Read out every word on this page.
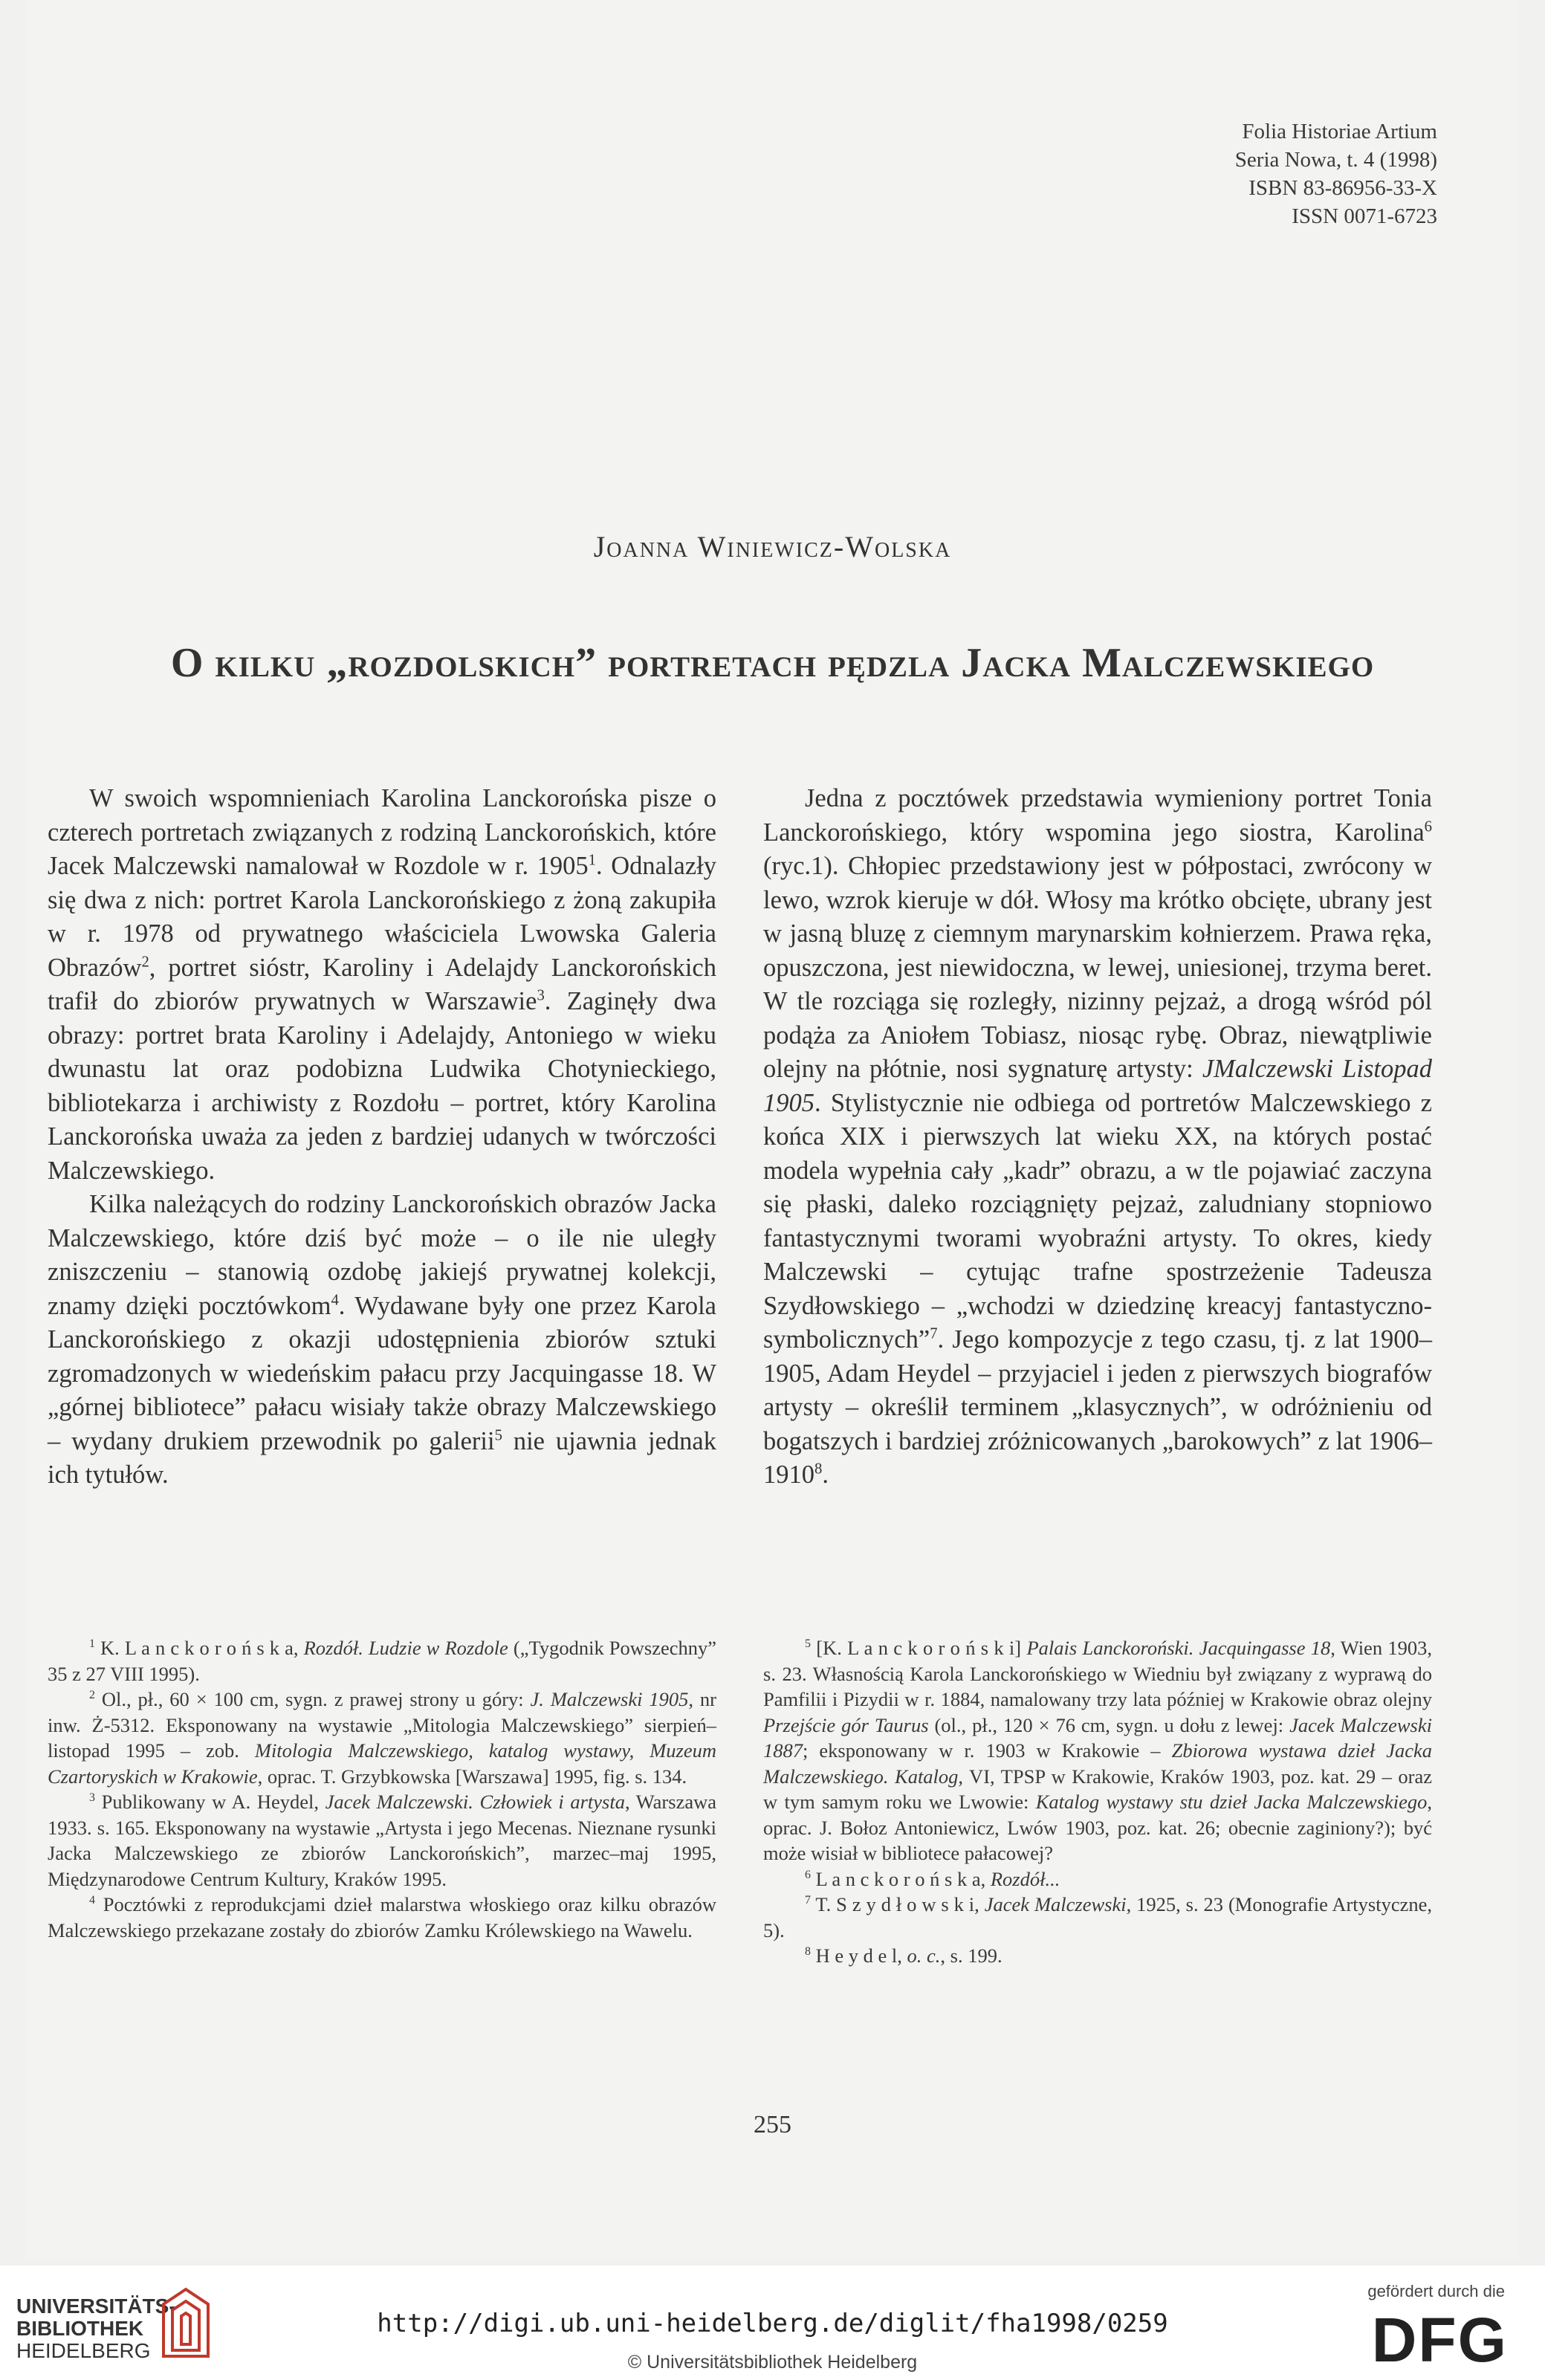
Folia Historiae Artium
Seria Nowa, t. 4 (1998)
ISBN 83-86956-33-X
ISSN 0071-6723
Joanna Winiewicz-Wolska
O kilku „rozdolskich” portretach pędzla Jacka Malczewskiego

W swoich wspomnieniach Karolina Lanckorońska pisze o czterech portretach związanych z rodziną Lanckorońskich, które Jacek Malczewski namalował w Rozdole w r. 1905$^1$. Odnalazły się dwa z nich: portret Karola Lanckorońskiego z żoną zakupiła w r. 1978 od prywatnego właściciela Lwowska Galeria Obrazów$^2$, portret sióstr, Karoliny i Adelajdy Lanckorońskich trafił do zbiorów prywatnych w Warszawie$^3$. Zaginęły dwa obrazy: portret brata Karoliny i Adelajdy, Antoniego w wieku dwunastu lat oraz podobizna Ludwika Chotynieckiego, bibliotekarza i archiwisty z Rozdołu – portret, który Karolina Lanckorońska uważa za jeden z bardziej udanych w twórczości Malczewskiego.

Kilka należących do rodziny Lanckorońskich obrazów Jacka Malczewskiego, które dziś być może – o ile nie uległy zniszczeniu – stanowią ozdobę jakiejś prywatnej kolekcji, znamy dzięki pocztówkom$^4$. Wydawane były one przez Karola Lanckorońskiego z okazji udostępnienia zbiorów sztuki zgromadzonych w wiedeńskim pałacu przy Jacquingasse 18. W „górnej bibliotece” pałacu wisiały także obrazy Malczewskiego – wydany drukiem przewodnik po galerii$^5$ nie ujawnia jednak ich tytułów.

Jedna z pocztówek przedstawia wymieniony portret Tonia Lanckorońskiego, który wspomina jego siostra, Karolina$^6$ (ryc.1). Chłopiec przedstawiony jest w półpostaci, zwrócony w lewo, wzrok kieruje w dół. Włosy ma krótko obcięte, ubrany jest w jasną bluzę z ciemnym marynarskim kołnierzem. Prawa ręka, opuszczona, jest niewidoczna, w lewej, uniesionej, trzyma beret. W tle rozciąga się rozległy, nizinny pejzaż, a drogą wśród pól podąża za Aniołem Tobiasz, niosąc rybę. Obraz, niewątpliwie olejny na płótnie, nosi sygnaturę artysty: JMalczewski Listopad 1905. Stylistycznie nie odbiega od portretów Malczewskiego z końca XIX i pierwszych lat wieku XX, na których postać modela wypełnia cały „kadr” obrazu, a w tle pojawiać zaczyna się płaski, daleko rozciągnięty pejzaż, zaludniany stopniowo fantastycznymi tworami wyobraźni artysty. To okres, kiedy Malczewski – cytując trafne spostrzeżenie Tadeusza Szydłowskiego – „wchodzi w dziedzinę kreacyj fantastyczno-symbolicznych”$^7$. Jego kompozycje z tego czasu, tj. z lat 1900–1905, Adam Heydel – przyjaciel i jeden z pierwszych biografów artysty – określił terminem „klasycznych”, w odróżnieniu od bogatszych i bardziej zróżnicowanych „barokowych” z lat 1906–1910$^8$.

$^1$ K. L a n c k o r o ń s k a, Rozdół. Ludzie w Rozdole („Tygodnik Powszechny” 35 z 27 VIII 1995).

$^2$ Ol., pł., 60 × 100 cm, sygn. z prawej strony u góry: J. Malczewski 1905, nr inw. Ż-5312. Eksponowany na wystawie „Mitologia Malczewskiego” sierpień–listopad 1995 – zob. Mitologia Malczewskiego, katalog wystawy, Muzeum Czartoryskich w Krakowie, oprac. T. Grzybkowska [Warszawa] 1995, fig. s. 134.

$^3$ Publikowany w A. Heydel, Jacek Malczewski. Człowiek i artysta, Warszawa 1933. s. 165. Eksponowany na wystawie „Artysta i jego Mecenas. Nieznane rysunki Jacka Malczewskiego ze zbiorów Lanckorońskich”, marzec–maj 1995, Międzynarodowe Centrum Kultury, Kraków 1995.

$^4$ Pocztówki z reprodukcjami dzieł malarstwa włoskiego oraz kilku obrazów Malczewskiego przekazane zostały do zbiorów Zamku Królewskiego na Wawelu.

$^5$ [K. L a n c k o r o ń s k i] Palais Lanckoroński. Jacquingasse 18, Wien 1903, s. 23. Własnością Karola Lanckorońskiego w Wiedniu był związany z wyprawą do Pamfilii i Pizydii w r. 1884, namalowany trzy lata później w Krakowie obraz olejny Przejście gór Taurus (ol., pł., 120 × 76 cm, sygn. u dołu z lewej: Jacek Malczewski 1887; eksponowany w r. 1903 w Krakowie – Zbiorowa wystawa dzieł Jacka Malczewskiego. Katalog, VI, TPSP w Krakowie, Kraków 1903, poz. kat. 29 – oraz w tym samym roku we Lwowie: Katalog wystawy stu dzieł Jacka Malczewskiego, oprac. J. Bołoz Antoniewicz, Lwów 1903, poz. kat. 26; obecnie zaginiony?); być może wisiał w bibliotece pałacowej?

$^6$ L a n c k o r o ń s k a, Rozdół...

$^7$ T. S z y d ł o w s k i, Jacek Malczewski, 1925, s. 23 (Monografie Artystyczne, 5).

$^8$ H e y d e l, o. c., s. 199.

255
UNIVERSITÄTS-
BIBLIOTHEK
HEIDELBERG
http://digi.ub.uni-heidelberg.de/diglit/fha1998/0259
© Universitätsbibliothek Heidelberg
gefördert durch die
DFG
